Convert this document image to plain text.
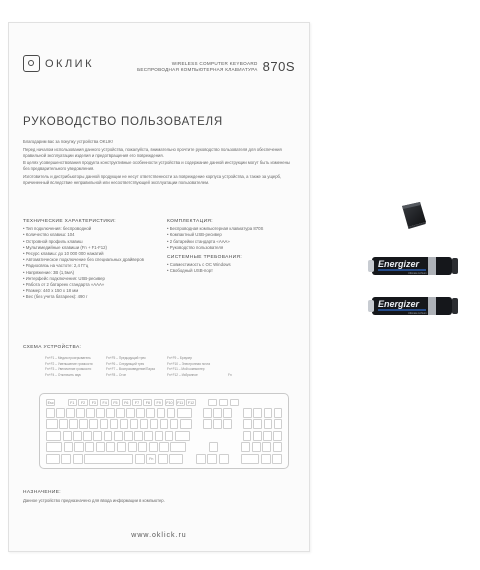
ОКЛИК	WIRELESS COMPUTER KEYBOARD
БЕСПРОВОДНАЯ КОМПЬЮТЕРНАЯ КЛАВИАТУРА 870S
РУКОВОДСТВО ПОЛЬЗОВАТЕЛЯ

Благодарим вас за покупку устройства OKLIK!

Перед началом использования данного устройства, пожалуйста, внимательно прочтите руководство пользователя для обеспечения правильной эксплуатации изделия и предотвращения его повреждения.

В целях усовершенствования продукта конструктивные особенности устройства и содержание данной инструкции могут быть изменены без предварительного уведомления.

Изготовитель и дистрибьюторы данной продукции не несут ответственности за повреждение корпуса устройства, а также за ущерб, причиненный вследствие неправильной или несоответствующей эксплуатации пользователем.

ТЕХНИЧЕСКИЕ ХАРАКТЕРИСТИКИ:
• Тип подключения: беспроводной
• Количество клавиш: 104
• Островной профиль клавиш
• Мультимедийные клавиши (Fn + F1-F12)
• Ресурс клавиш: до 10 000 000 нажатий
• Автоматическое подключение без специальных драйверов
• Радиосвязь на частоте: 2,4 ГГц
• Напряжение: 3В (1,5мА)
• Интерфейс подключения: USB-ресивер
• Работа от 2 батареек стандарта «AAA»
• Размер: 440 x 150 x 18 мм
• Вес (без учета батареек): 490 г
КОМПЛЕКТАЦИЯ:
• Беспроводная компьютерная клавиатура 870S
• Компактный USB-ресивер
• 2 батарейки стандарта «AAA»
• Руководство пользователя
СИСТЕМНЫЕ ТРЕБОВАНИЯ:
• Совместимость с ОС Windows
• Свободный USB-порт
СХЕМА УСТРОЙСТВА:
Fn+F1 – Медиа проигрыватель	Fn+F5 – Предыдущий трек	Fn+F9 – Браузер
Fn+F2 – Уменьшение громкости	Fn+F6 – Следующий трек	Fn+F10 – Электронная почта
Fn+F3 – Увеличение громкости	Fn+F7 – Воспроизведение/Пауза	Fn+F11 – Мой компьютер
Fn+F4 – Отключить звук	Fn+F8 – Стоп	Fn+F12 – Избранное	Fn
Esc	F1	F2	F3	F4	F5	F6	F7	F8	F9	F10	F11	F12
Fn
НАЗНАЧЕНИЕ:
Данное устройство предназначено для ввода информации в компьютер.
www.oklick.ru
Energizer
Ultimate Lithium
Energizer
Ultimate Lithium
